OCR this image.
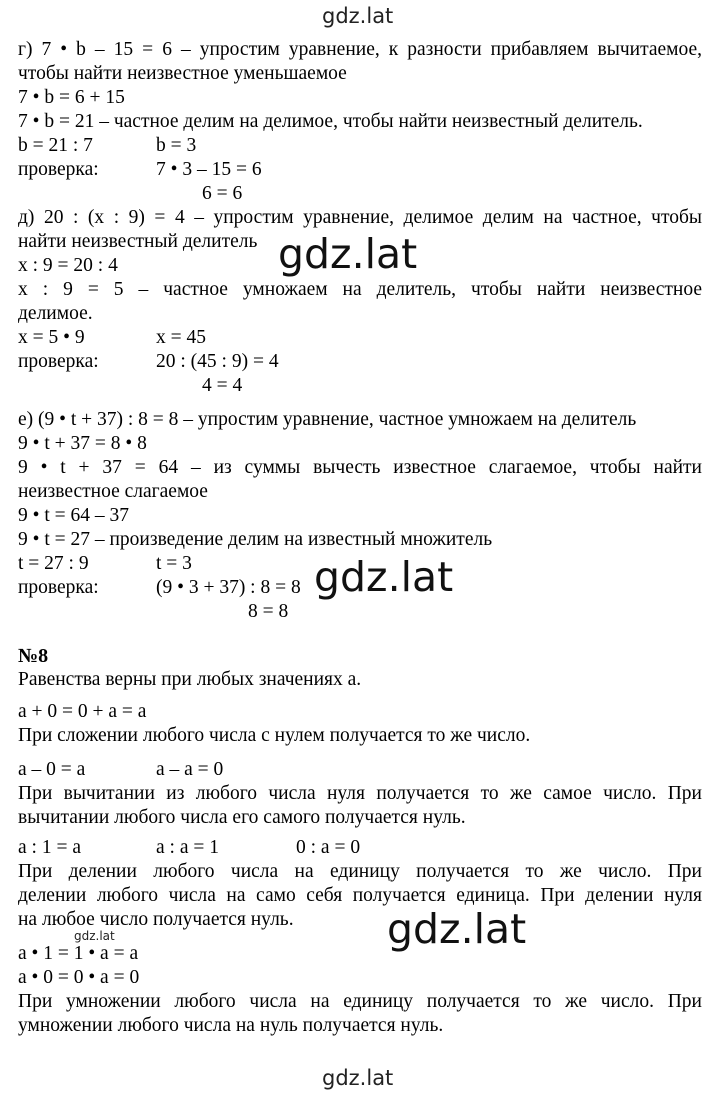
gdz.lat
gdz.lat
gdz.lat
gdz.lat
gdz.lat
gdz.lat

г) 7 • b – 15 = 6 – упростим уравнение, к разности прибавляем вычитаемое,

чтобы найти неизвестное уменьшаемое

7 • b = 6 + 15

7 • b = 21 – частное делим на делимое, чтобы найти неизвестный делитель.

b = 21 : 7	b = 3

проверка:	7 • 3 – 15 = 6

6 = 6

д) 20 : (x : 9) = 4 – упростим уравнение, делимое делим на частное, чтобы

найти неизвестный делитель

x : 9 = 20 : 4

x : 9 = 5 – частное умножаем на делитель, чтобы найти неизвестное

делимое.

x = 5 • 9	x = 45

проверка:	20 : (45 : 9) = 4

4 = 4

е) (9 • t + 37) : 8 = 8 – упростим уравнение, частное умножаем на делитель

9 • t + 37 = 8 • 8

9 • t + 37 = 64 – из суммы вычесть известное слагаемое, чтобы найти

неизвестное слагаемое

9 • t = 64 – 37

9 • t = 27 – произведение делим на известный множитель

t = 27 : 9	t = 3

проверка:	(9 • 3 + 37) : 8 = 8

8 = 8

№8

Равенства верны при любых значениях a.

a + 0 = 0 + a = a

При сложении любого числа с нулем получается то же число.

a – 0 = a	a – a = 0

При вычитании из любого числа нуля получается то же самое число. При

вычитании любого числа его самого получается нуль.

a : 1 = a	a : a = 1	0 : a = 0

При делении любого числа на единицу получается то же число. При

делении любого числа на само себя получается единица. При делении нуля

на любое число получается нуль.

a • 1 = 1 • a = a

a • 0 = 0 • a = 0

При умножении любого числа на единицу получается то же число. При

умножении любого числа на нуль получается нуль.
